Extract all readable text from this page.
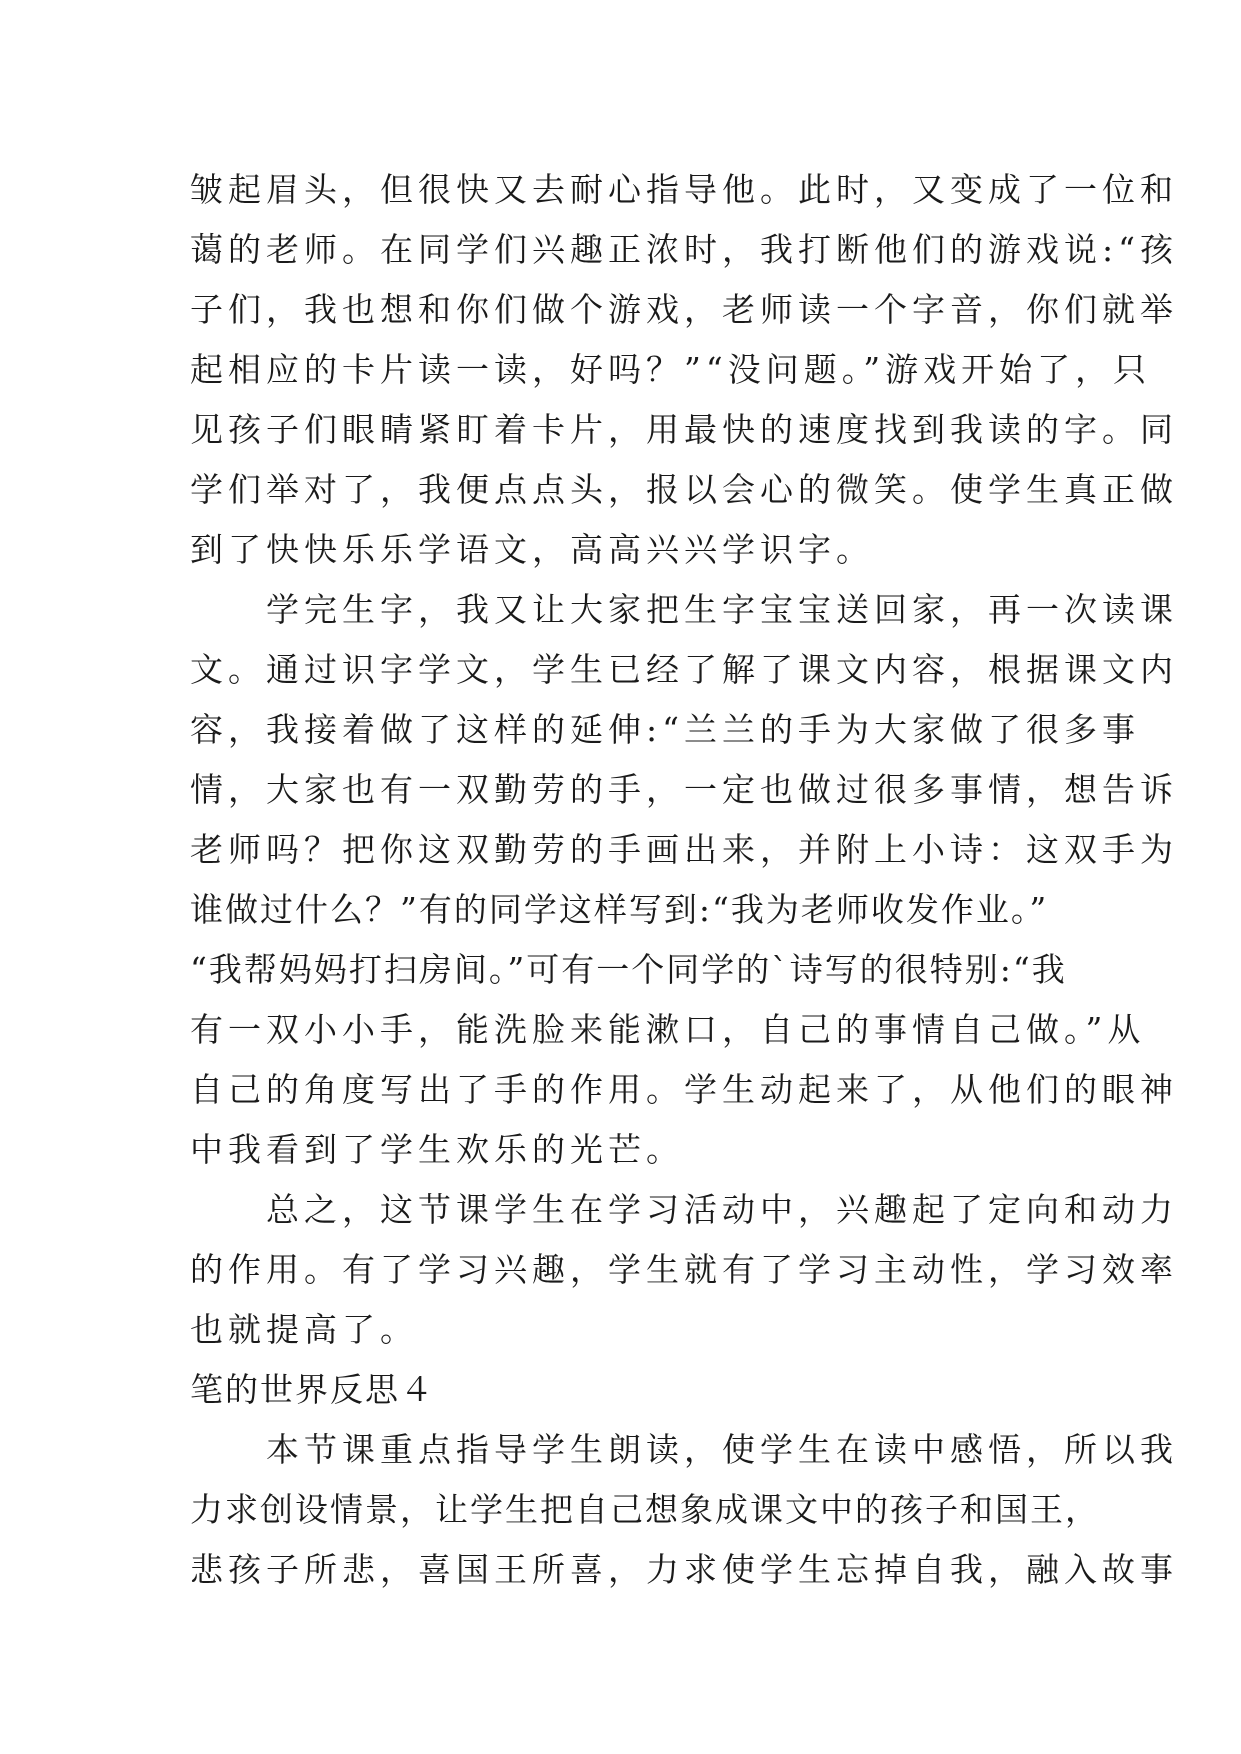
皱起眉头，但很快又去耐心指导他。此时，又变成了一位和
蔼的老师。在同学们兴趣正浓时，我打断他们的游戏说:“孩
子们，我也想和你们做个游戏，老师读一个字音，你们就举
起相应的卡片读一读，好吗？”“没问题。”游戏开始了，只
见孩子们眼睛紧盯着卡片，用最快的速度找到我读的字。同
学们举对了，我便点点头，报以会心的微笑。使学生真正做
到了快快乐乐学语文，高高兴兴学识字。
　　学完生字，我又让大家把生字宝宝送回家，再一次读课
文。通过识字学文，学生已经了解了课文内容，根据课文内
容，我接着做了这样的延伸:“兰兰的手为大家做了很多事
情，大家也有一双勤劳的手，一定也做过很多事情，想告诉
老师吗？把你这双勤劳的手画出来，并附上小诗：这双手为
谁做过什么？”有的同学这样写到:“我为老师收发作业。”
“我帮妈妈打扫房间。”可有一个同学的`诗写的很特别:“我
有一双小小手，能洗脸来能漱口，自己的事情自己做。”从
自己的角度写出了手的作用。学生动起来了，从他们的眼神
中我看到了学生欢乐的光芒。
　　总之，这节课学生在学习活动中，兴趣起了定向和动力
的作用。有了学习兴趣，学生就有了学习主动性，学习效率
也就提高了。
笔的世界反思４
　　本节课重点指导学生朗读，使学生在读中感悟，所以我
力求创设情景，让学生把自己想象成课文中的孩子和国王，
悲孩子所悲，喜国王所喜，力求使学生忘掉自我，融入故事
